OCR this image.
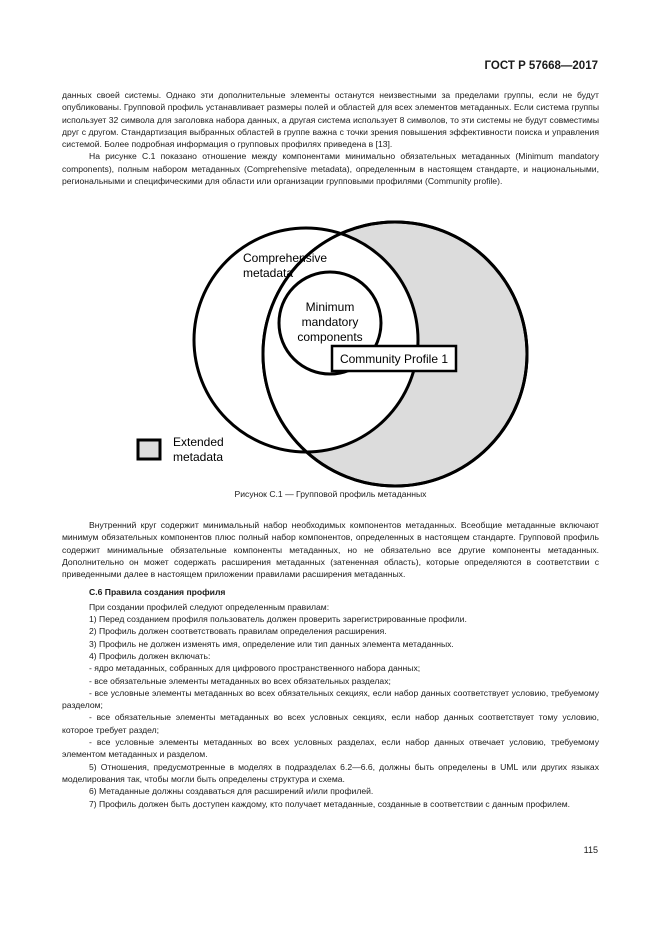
ГОСТ Р 57668—2017

данных своей системы. Однако эти дополнительные элементы останутся неизвестными за пределами группы, если не будут опубликованы. Групповой профиль устанавливает размеры полей и областей для всех элементов метаданных. Если система группы использует 32 символа для заголовка набора данных, а другая система использует 8 символов, то эти системы не будут совместимы друг с другом. Стандартизация выбранных областей в группе важна с точки зрения повышения эффективности поиска и управления системой. Более подробная информация о групповых профилях приведена в [13].

На рисунке С.1 показано отношение между компонентами минимально обязательных метаданных (Minimum mandatory components), полным набором метаданных (Comprehensive metadata), определенным в настоящем стандарте, и национальными, региональными и специфическими для области или организации групповыми профилями (Community profile).

Community Profile 1
Comprehensive
metadata
Minimum
mandatory
components
Extended
metadata
Рисунок С.1 — Групповой профиль метаданных

Внутренний круг содержит минимальный набор необходимых компонентов метаданных. Всеобщие метаданные включают минимум обязательных компонентов плюс полный набор компонентов, определенных в настоящем стандарте. Групповой профиль содержит минимальные обязательные компоненты метаданных, но не обязательно все другие компоненты метаданных. Дополнительно он может содержать расширения метаданных (затененная область), которые определяются в соответствии с приведенными далее в настоящем приложении правилами расширения метаданных.

С.6 Правила создания профиля

При создании профилей следуют определенным правилам:

1) Перед созданием профиля пользователь должен проверить зарегистрированные профили.

2) Профиль должен соответствовать правилам определения расширения.

3) Профиль не должен изменять имя, определение или тип данных элемента метаданных.

4) Профиль должен включать:

- ядро метаданных, собранных для цифрового пространственного набора данных;

- все обязательные элементы метаданных во всех обязательных разделах;

- все условные элементы метаданных во всех обязательных секциях, если набор данных соответствует условию, требуемому разделом;

- все обязательные элементы метаданных во всех условных секциях, если набор данных соответствует тому условию, которое требует раздел;

- все условные элементы метаданных во всех условных разделах, если набор данных отвечает условию, требуемому элементом метаданных и разделом.

5) Отношения, предусмотренные в моделях в подразделах 6.2—6.6, должны быть определены в UML или других языках моделирования так, чтобы могли быть определены структура и схема.

6) Метаданные должны создаваться для расширений и/или профилей.

7) Профиль должен быть доступен каждому, кто получает метаданные, созданные в соответствии с данным профилем.

115
